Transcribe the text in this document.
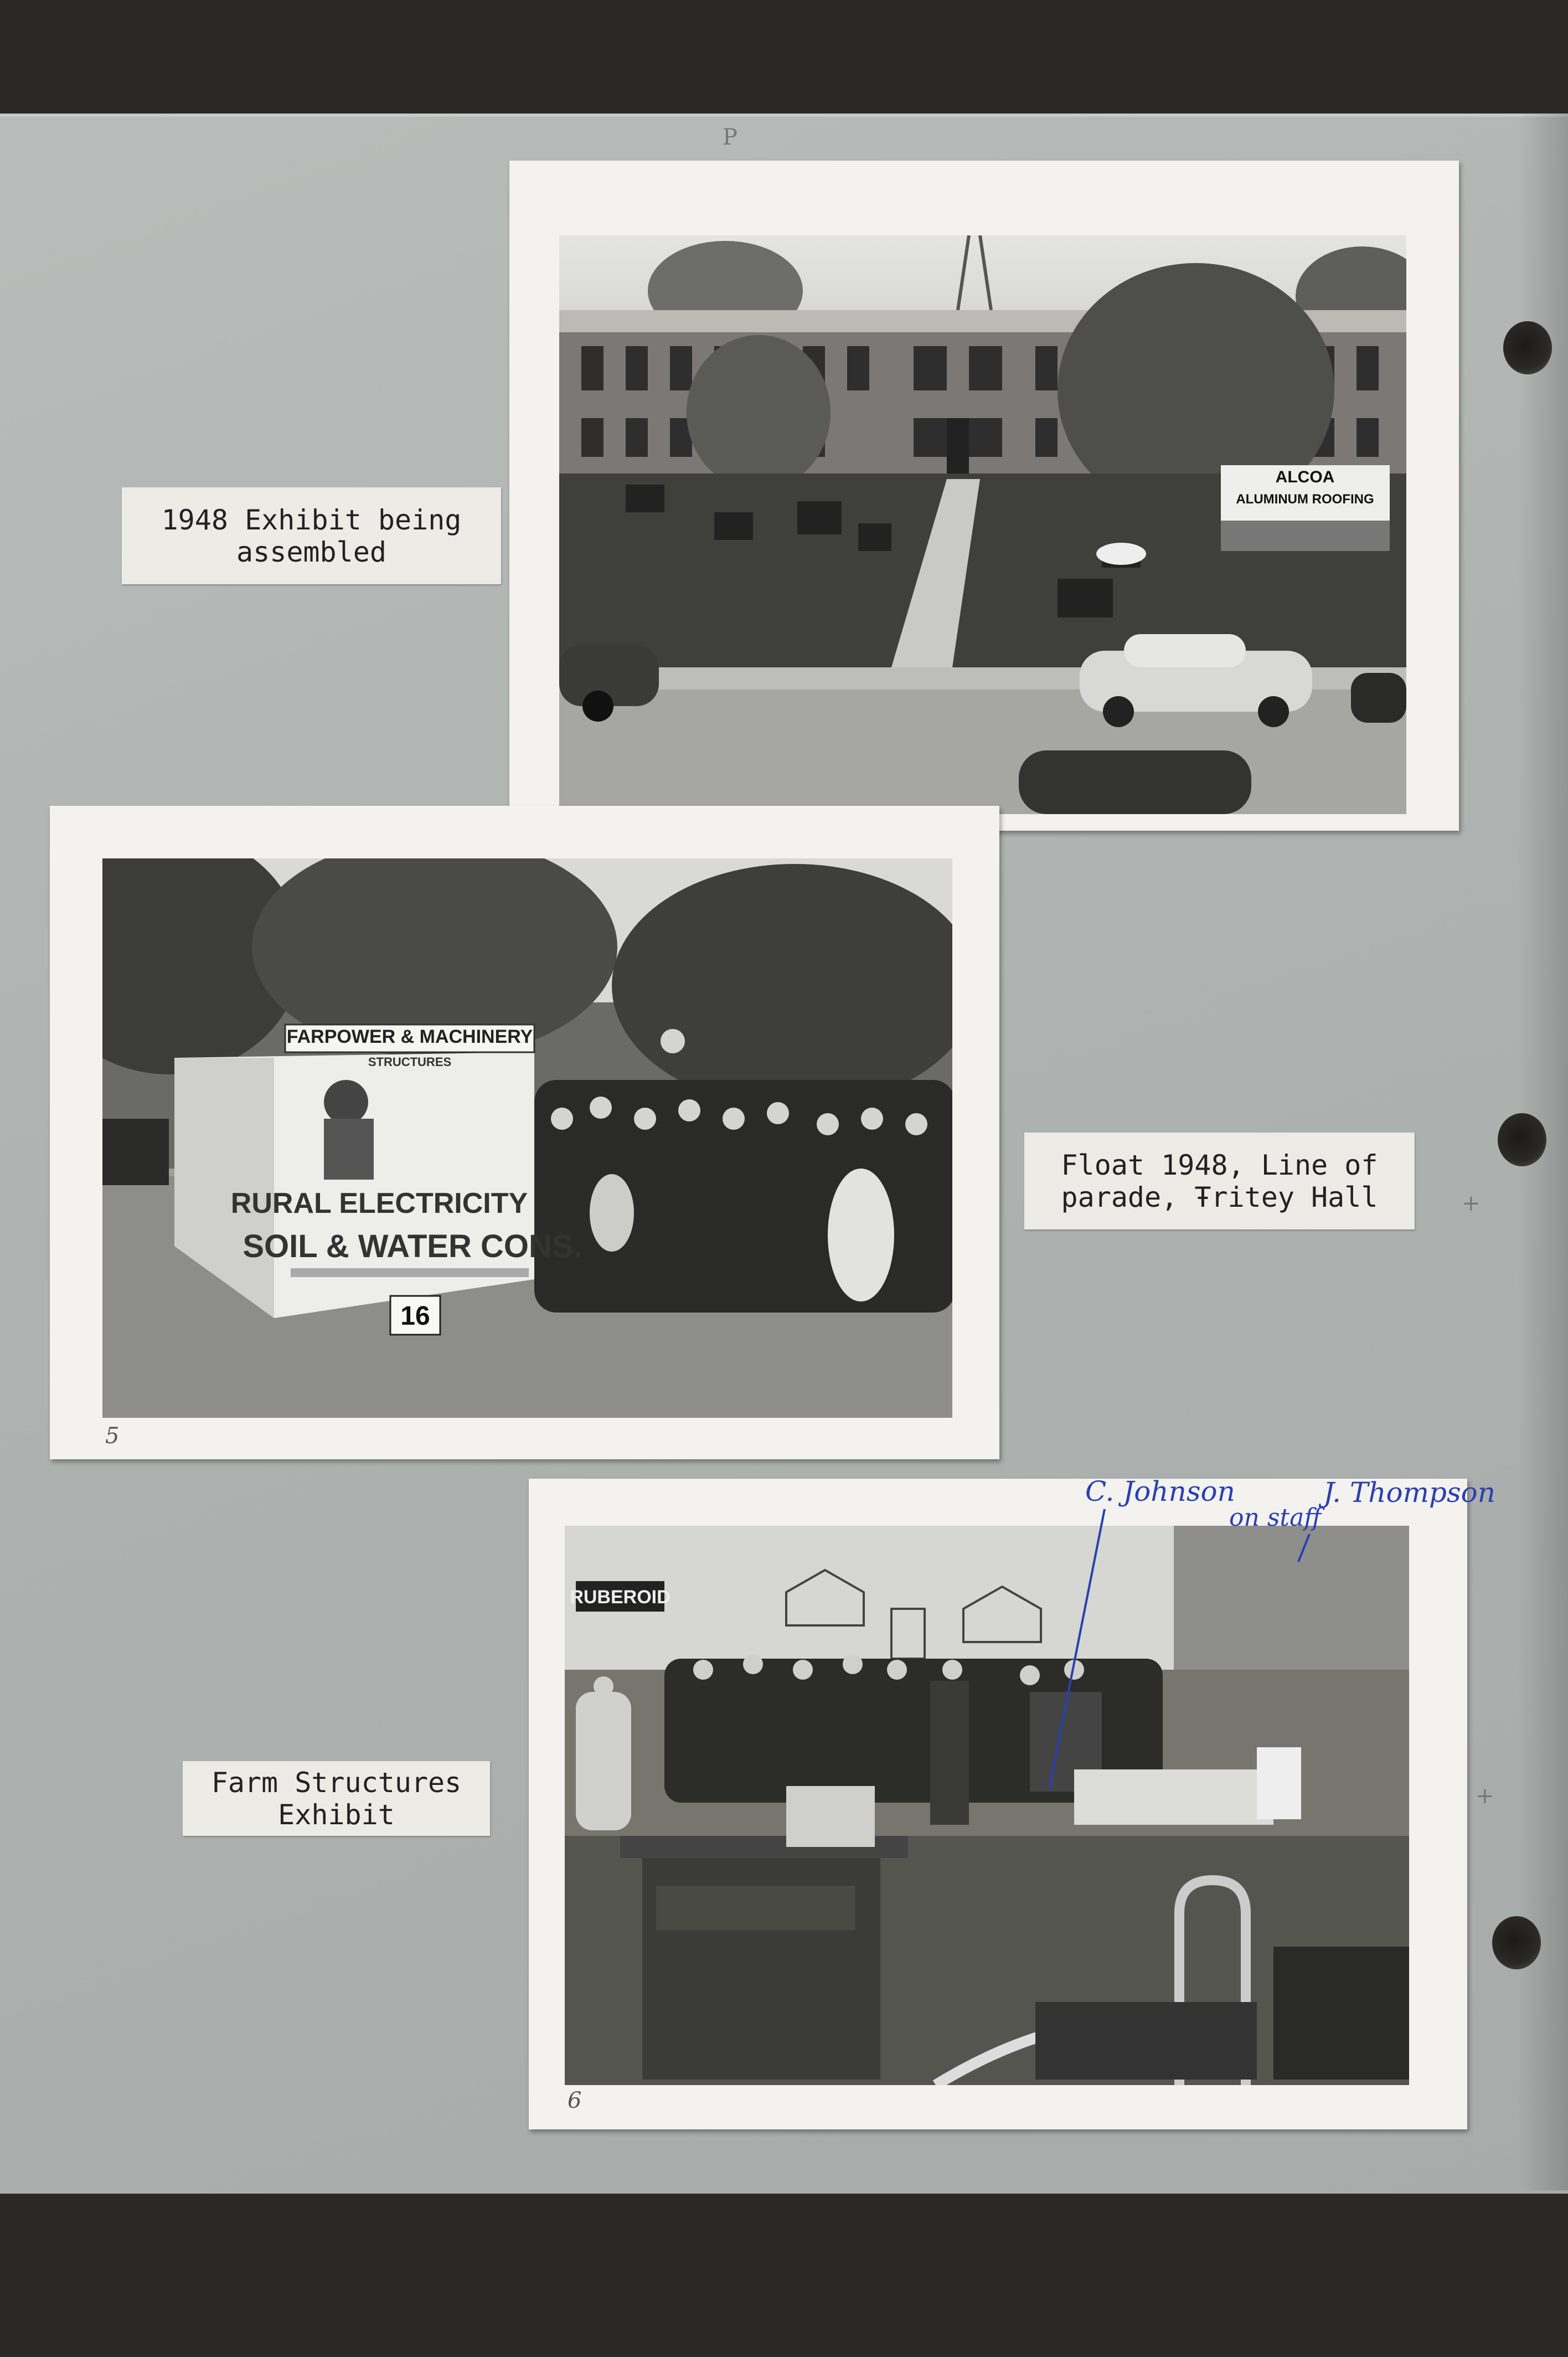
P
+
+
1948 Exhibit being
assembled
ALCOA
ALUMINUM ROOFING
FARPOWER & MACHINERY
STRUCTURES
RURAL ELECTRICITY
SOIL & WATER CONS.
16
5
Float 1948, Line of
parade, Ŧritey Hall
Farm Structures
Exhibit
RUBEROID
C. Johnson
on staff
J. Thompson
6
